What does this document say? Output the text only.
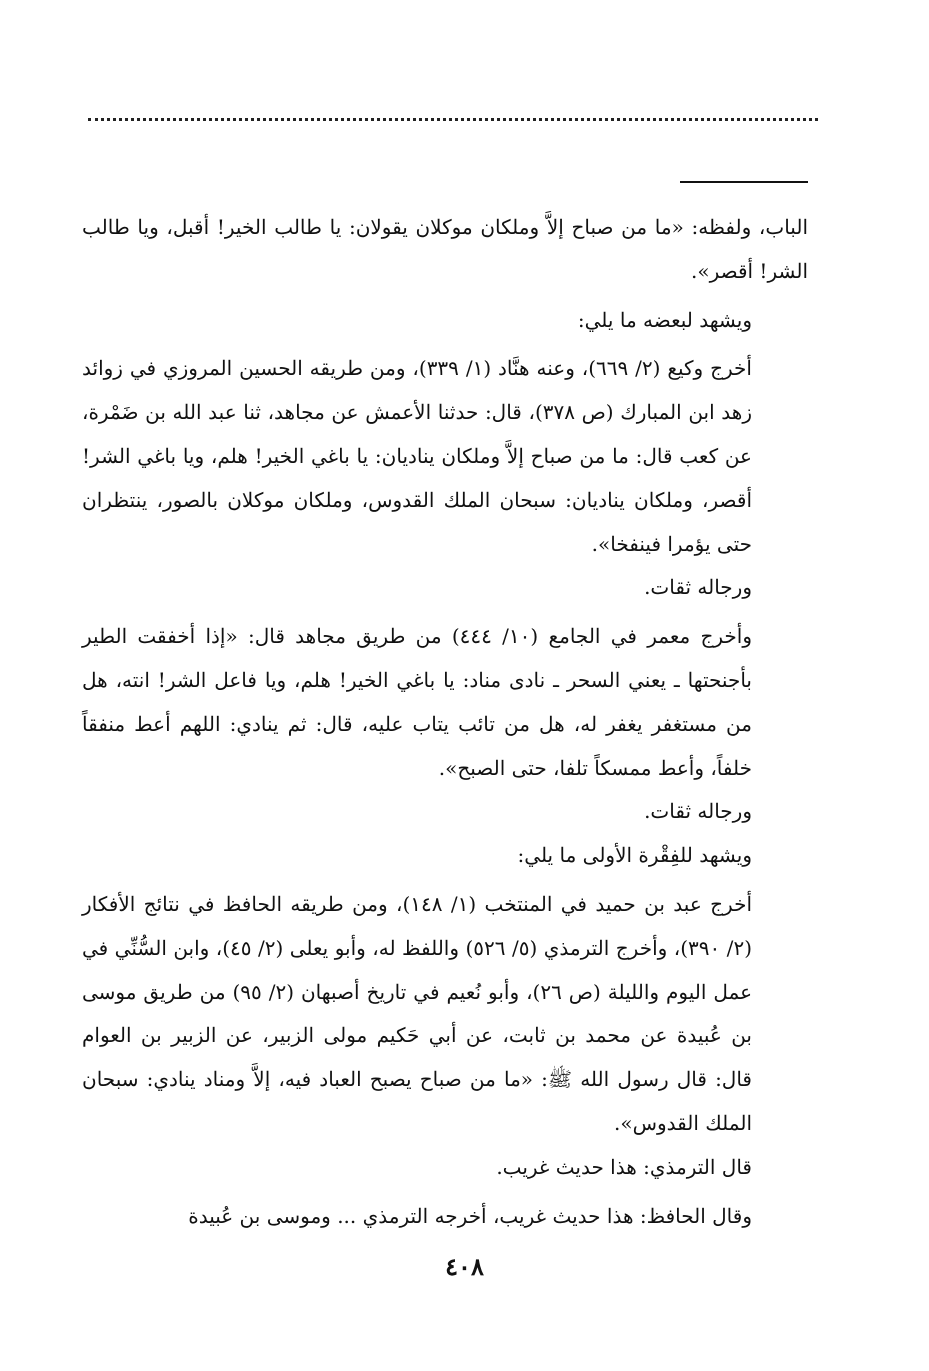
الباب، ولفظه: «ما من صباح إلاَّ وملكان موكلان يقولان: يا طالب الخير! أقبل، ويا طالب الشر! أقصر».

ويشهد لبعضه ما يلي:

أخرج وكيع (٢/ ٦٦٩)، وعنه هنَّاد (١/ ٣٣٩)، ومن طريقه الحسين المروزي في زوائد زهد ابن المبارك (ص ٣٧٨)، قال: حدثنا الأعمش عن مجاهد، ثنا عبد الله بن ضَمْرة، عن كعب قال: ما من صباح إلاَّ وملكان يناديان: يا باغي الخير! هلم، ويا باغي الشر! أقصر، وملكان يناديان: سبحان الملك القدوس، وملكان موكلان بالصور، ينتظران حتى يؤمرا فينفخا».

ورجاله ثقات.

وأخرج معمر في الجامع (١٠/ ٤٤٤) من طريق مجاهد قال: «إذا أخفقت الطير بأجنحتها ـ يعني السحر ـ نادى مناد: يا باغي الخير! هلم، ويا فاعل الشر! انته، هل من مستغفر يغفر له، هل من تائب يتاب عليه، قال: ثم ينادي: اللهم أعط منفقاً خلفاً، وأعط ممسكاً تلفا، حتى الصبح».

ورجاله ثقات.

ويشهد للفِقْرة الأولى ما يلي:

أخرج عبد بن حميد في المنتخب (١/ ١٤٨)، ومن طريقه الحافظ في نتائج الأفكار (٢/ ٣٩٠)، وأخرج الترمذي (٥/ ٥٢٦) واللفظ له، وأبو يعلى (٢/ ٤٥)، وابن السُّنِّي في عمل اليوم والليلة (ص ٢٦)، وأبو نُعيم في تاريخ أصبهان (٢/ ٩٥) من طريق موسى بن عُبيدة عن محمد بن ثابت، عن أبي حَكيم مولى الزبير، عن الزبير بن العوام قال: قال رسول الله ﷺ: «ما من صباح يصبح العباد فيه، إلاَّ ومناد ينادي: سبحان الملك القدوس».

قال الترمذي: هذا حديث غريب.

وقال الحافظ: هذا حديث غريب، أخرجه الترمذي ... وموسى بن عُبيدة

٤٠٨
